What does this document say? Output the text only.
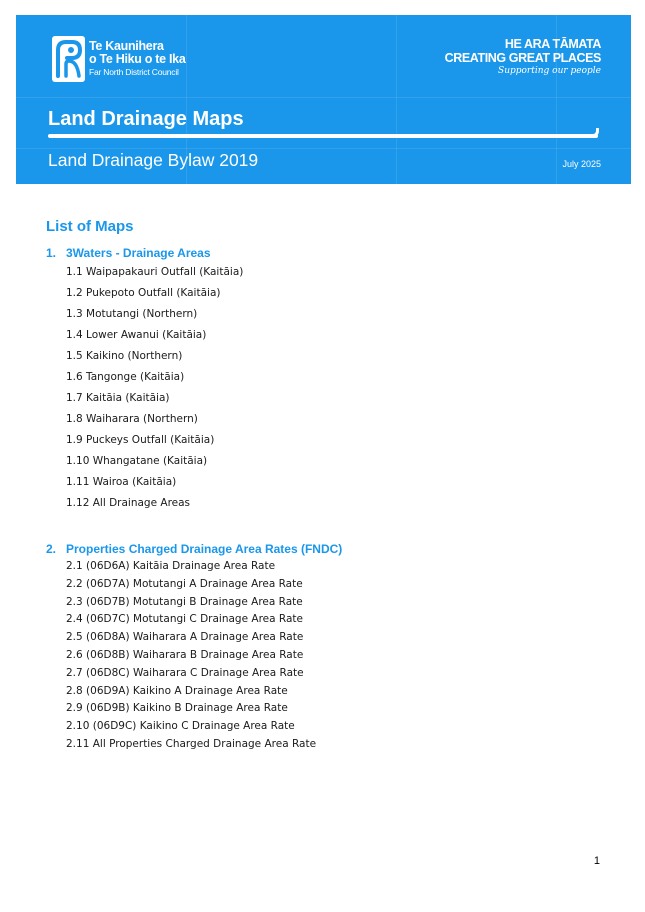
Te Kaunihera
o Te Hiku o te Ika
Far North District Council
HE ARA TĀMATA
CREATING GREAT PLACES
Supporting our people
Land Drainage Maps
Land Drainage Bylaw 2019	July 2025
List of Maps
1. 3Waters - Drainage Areas
1.1 Waipapakauri Outfall (Kaitāia)
1.2 Pukepoto Outfall (Kaitāia)
1.3 Motutangi (Northern)
1.4 Lower Awanui (Kaitāia)
1.5 Kaikino (Northern)
1.6 Tangonge (Kaitāia)
1.7 Kaitāia (Kaitāia)
1.8 Waiharara (Northern)
1.9 Puckeys Outfall (Kaitāia)
1.10 Whangatane (Kaitāia)
1.11 Wairoa (Kaitāia)
1.12 All Drainage Areas
2. Properties Charged Drainage Area Rates (FNDC)
2.1 (06D6A) Kaitāia Drainage Area Rate
2.2 (06D7A) Motutangi A Drainage Area Rate
2.3 (06D7B) Motutangi B Drainage Area Rate
2.4 (06D7C) Motutangi C Drainage Area Rate
2.5 (06D8A) Waiharara A Drainage Area Rate
2.6 (06D8B) Waiharara B Drainage Area Rate
2.7 (06D8C) Waiharara C Drainage Area Rate
2.8 (06D9A) Kaikino A Drainage Area Rate
2.9 (06D9B) Kaikino B Drainage Area Rate
2.10 (06D9C) Kaikino C Drainage Area Rate
2.11 All Properties Charged Drainage Area Rate
1
